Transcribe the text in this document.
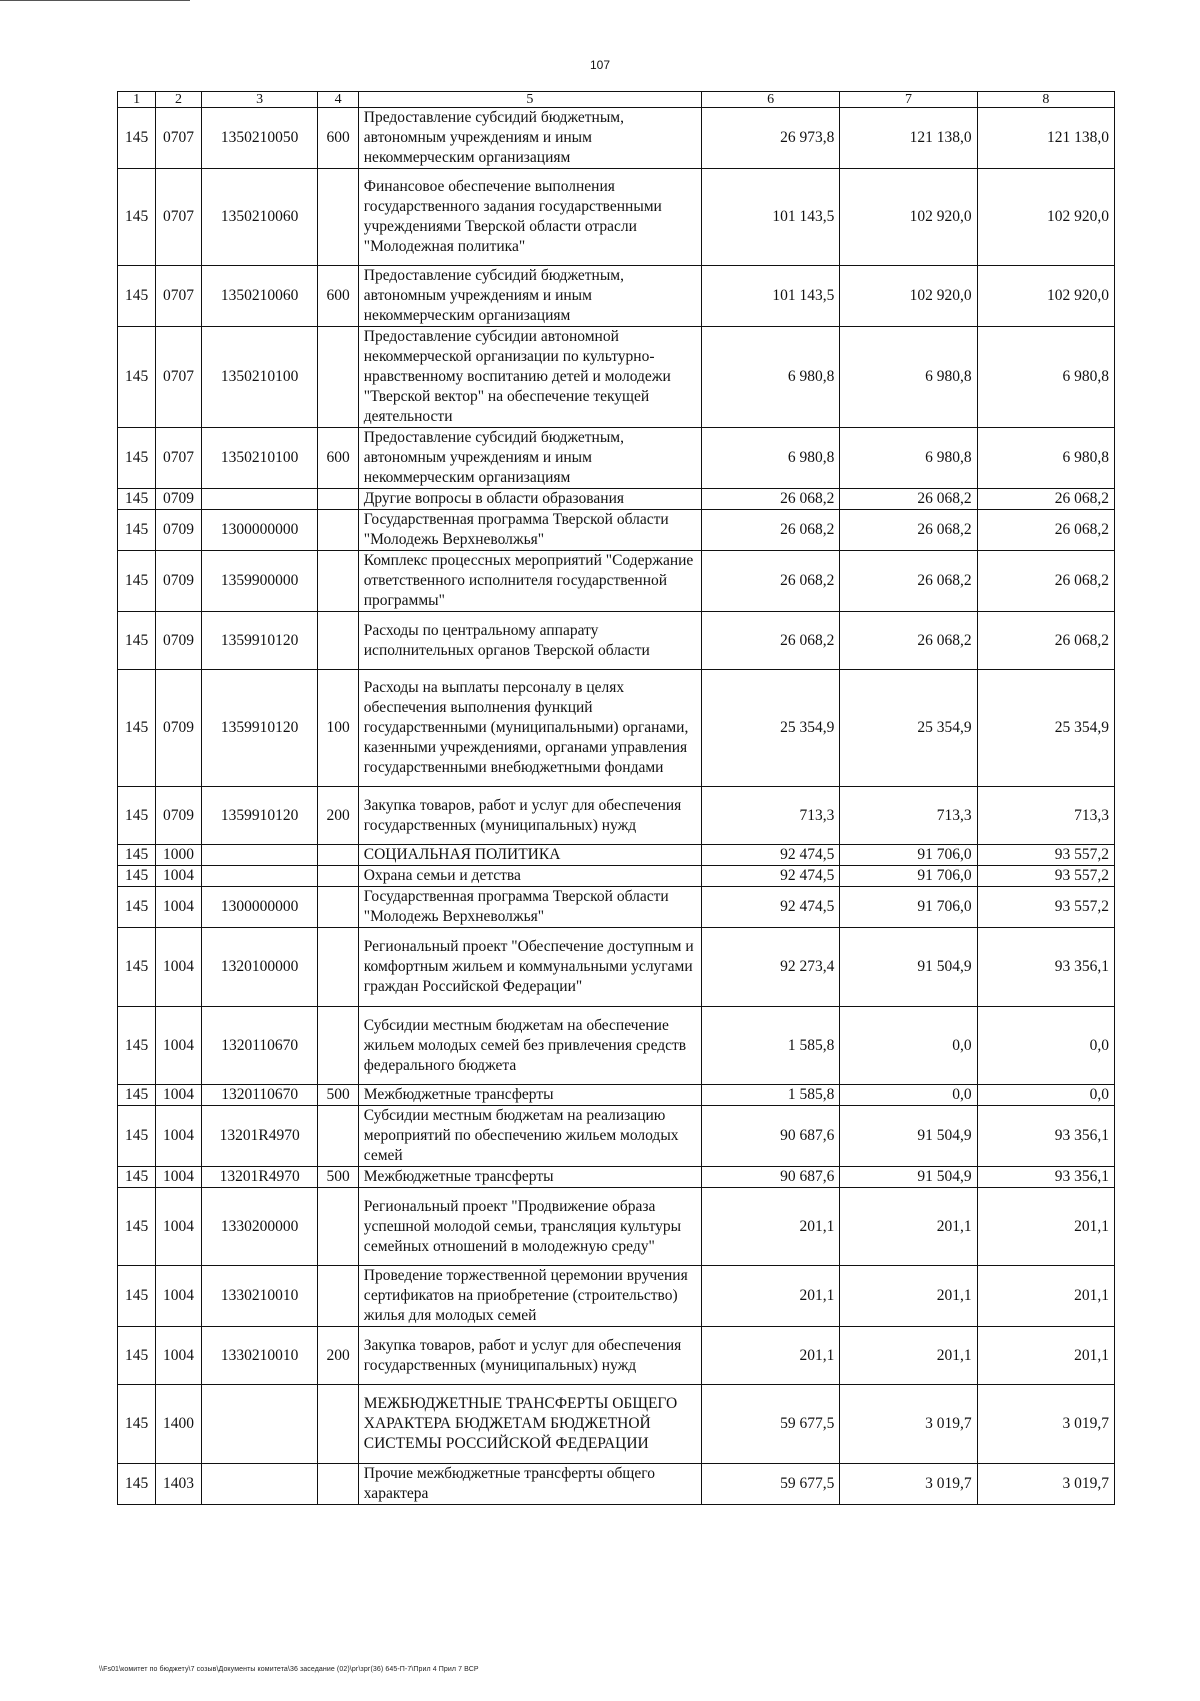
107
1	2	3	4	5	6	7	8
145	0707	1350210050	600	Предоставление субсидий бюджетным, автономным учреждениям и иным некоммерческим организациям	26 973,8	121 138,0	121 138,0
145	0707	1350210060		Финансовое обеспечение выполнения государственного задания государственными учреждениями Тверской области отрасли "Молодежная политика"	101 143,5	102 920,0	102 920,0
145	0707	1350210060	600	Предоставление субсидий бюджетным, автономным учреждениям и иным некоммерческим организациям	101 143,5	102 920,0	102 920,0
145	0707	1350210100		Предоставление субсидии автономной некоммерческой организации по культурно-нравственному воспитанию детей и молодежи "Тверской вектор" на обеспечение текущей деятельности	6 980,8	6 980,8	6 980,8
145	0707	1350210100	600	Предоставление субсидий бюджетным, автономным учреждениям и иным некоммерческим организациям	6 980,8	6 980,8	6 980,8
145	0709			Другие вопросы в области образования	26 068,2	26 068,2	26 068,2
145	0709	1300000000		Государственная программа Тверской области "Молодежь Верхневолжья"	26 068,2	26 068,2	26 068,2
145	0709	1359900000		Комплекс процессных мероприятий "Содержание ответственного исполнителя государственной программы"	26 068,2	26 068,2	26 068,2
145	0709	1359910120		Расходы по центральному аппарату исполнительных органов Тверской области	26 068,2	26 068,2	26 068,2
145	0709	1359910120	100	Расходы на выплаты персоналу в целях обеспечения выполнения функций государственными (муниципальными) органами, казенными учреждениями, органами управления государственными внебюджетными фондами	25 354,9	25 354,9	25 354,9
145	0709	1359910120	200	Закупка товаров, работ и услуг для обеспечения государственных (муниципальных) нужд	713,3	713,3	713,3
145	1000			СОЦИАЛЬНАЯ ПОЛИТИКА	92 474,5	91 706,0	93 557,2
145	1004			Охрана семьи и детства	92 474,5	91 706,0	93 557,2
145	1004	1300000000		Государственная программа Тверской области "Молодежь Верхневолжья"	92 474,5	91 706,0	93 557,2
145	1004	1320100000		Региональный проект "Обеспечение доступным и комфортным жильем и коммунальными услугами граждан Российской Федерации"	92 273,4	91 504,9	93 356,1
145	1004	1320110670		Субсидии местным бюджетам на обеспечение жильем молодых семей без привлечения средств федерального бюджета	1 585,8	0,0	0,0
145	1004	1320110670	500	Межбюджетные трансферты	1 585,8	0,0	0,0
145	1004	13201R4970		Субсидии местным бюджетам на реализацию мероприятий по обеспечению жильем молодых семей	90 687,6	91 504,9	93 356,1
145	1004	13201R4970	500	Межбюджетные трансферты	90 687,6	91 504,9	93 356,1
145	1004	1330200000		Региональный проект "Продвижение образа успешной молодой семьи, трансляция культуры семейных отношений в молодежную среду"	201,1	201,1	201,1
145	1004	1330210010		Проведение торжественной церемонии вручения сертификатов на приобретение (строительство) жилья для молодых семей	201,1	201,1	201,1
145	1004	1330210010	200	Закупка товаров, работ и услуг для обеспечения государственных (муниципальных) нужд	201,1	201,1	201,1
145	1400			МЕЖБЮДЖЕТНЫЕ ТРАНСФЕРТЫ ОБЩЕГО ХАРАКТЕРА БЮДЖЕТАМ БЮДЖЕТНОЙ СИСТЕМЫ РОССИЙСКОЙ ФЕДЕРАЦИИ	59 677,5	3 019,7	3 019,7
145	1403			Прочие межбюджетные трансферты общего характера	59 677,5	3 019,7	3 019,7
\\Fs01\комитет по бюджету\7 созыв\Документы комитета\36 заседание (02)\рг\зрг(36) 645-П-7\Прил 4 Прил 7 ВСР
